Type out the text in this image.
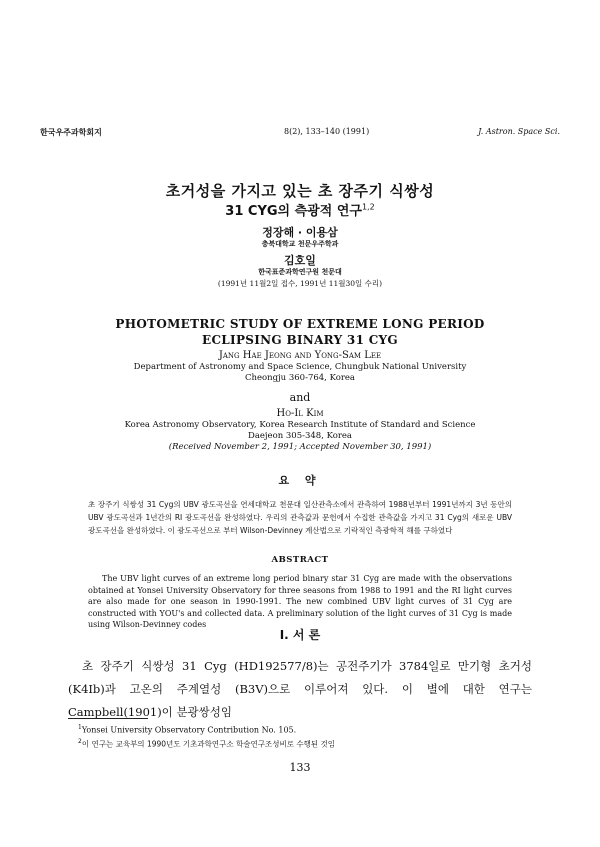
한국우주과학회지	8(2), 133–140 (1991)	J. Astron. Space Sci.
초거성을 가지고 있는 초 장주기 식쌍성
31 CYG의 측광적 연구$^{1,2}$
정장해 · 이용삼
충북대학교 천문우주학과
김호일
한국표준과학연구원 천문대
(1991년 11월2일 접수, 1991년 11월30일 수리)
PHOTOMETRIC STUDY OF EXTREME LONG PERIOD
ECLIPSING BINARY 31 CYG
Jang Hae Jeong and Yong-Sam Lee
Department of Astronomy and Space Science, Chungbuk National University
Cheongju 360-764, Korea
and
Ho-Il Kim
Korea Astronomy Observatory, Korea Research Institute of Standard and Science
Daejeon 305-348, Korea
(Received November 2, 1991; Accepted November 30, 1991)
요 약

초 장주기 식쌍성 31 Cyg의 UBV 광도곡선을 연세대학교 천문대 일산관측소에서 관측하여 1988년부터 1991년까지 3년 동안의 UBV 광도곡선과 1년간의 RI 광도곡선을 완성하였다. 우리의 관측값과 문헌에서 수집한 관측값을 가지고 31 Cyg의 새로운 UBV 광도곡선을 완성하였다. 이 광도곡선으로 부터 Wilson-Devinney 계산법으로 기락적인 측광학적 해를 구하였다

ABSTRACT

The UBV light curves of an extreme long period binary star 31 Cyg are made with the observations obtained at Yonsei University Observatory for three seasons from 1988 to 1991 and the RI light curves are also made for one season in 1990-1991. The new combined UBV light curves of 31 Cyg are constructed with YOU's and collected data. A preliminary solution of the light curves of 31 Cyg is made using Wilson-Devinney codes

I. 서 론

초 장주기 식쌍성 31 Cyg (HD192577/8)는 공전주기가 3784일로 만기형 초거성 (K4Ib)과 고온의 주계열성 (B3V)으로 이루어져 있다. 이 별에 대한 연구는 Campbell(1901)이 분광쌍성임

$^1$Yonsei University Observatory Contribution No. 105.
$^2$이 연구는 교육부의 1990년도 기초과학연구소 학술연구조성비로 수행된 것임
133
